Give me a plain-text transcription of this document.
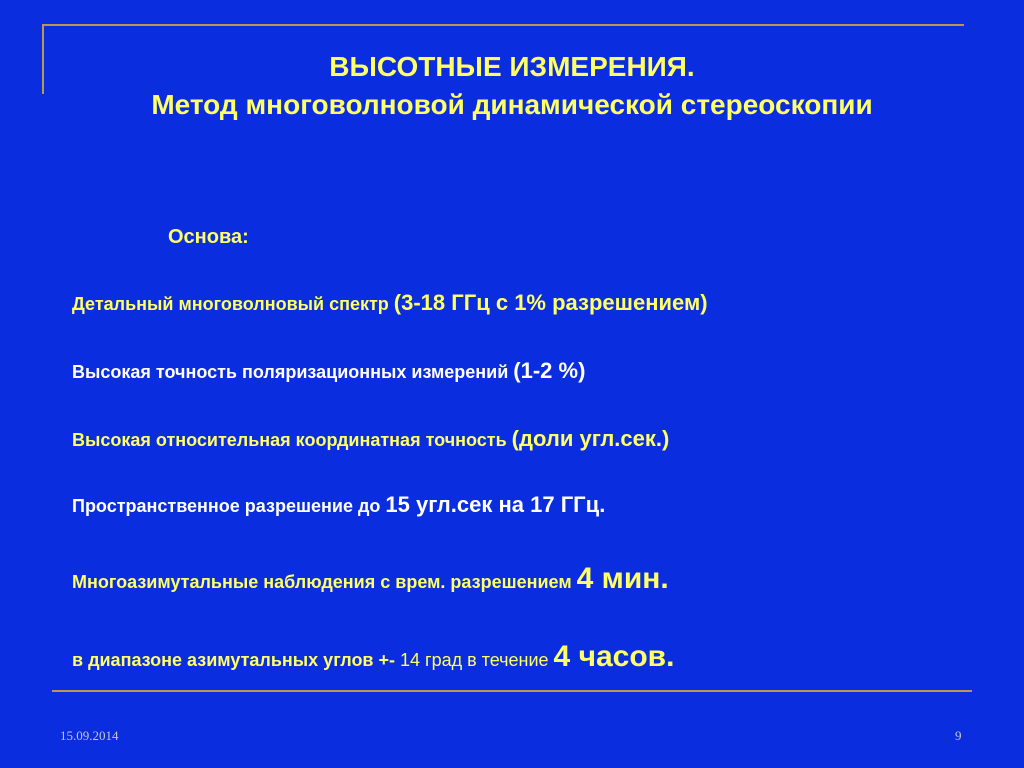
ВЫСОТНЫЕ ИЗМЕРЕНИЯ.
Метод многоволновой динамической стереоскопии
Основа:
Детальный многоволновый спектр (3-18 ГГц с 1% разрешением)
Высокая точность поляризационных измерений (1-2 %)
Высокая относительная координатная точность (доли угл.сек.)
Пространственное разрешение до 15 угл.сек на 17 ГГц.
Многоазимутальные наблюдения с врем. разрешением 4 мин.
в диапазоне азимутальных углов +- 14 град в течение 4 часов.
15.09.2014	9
